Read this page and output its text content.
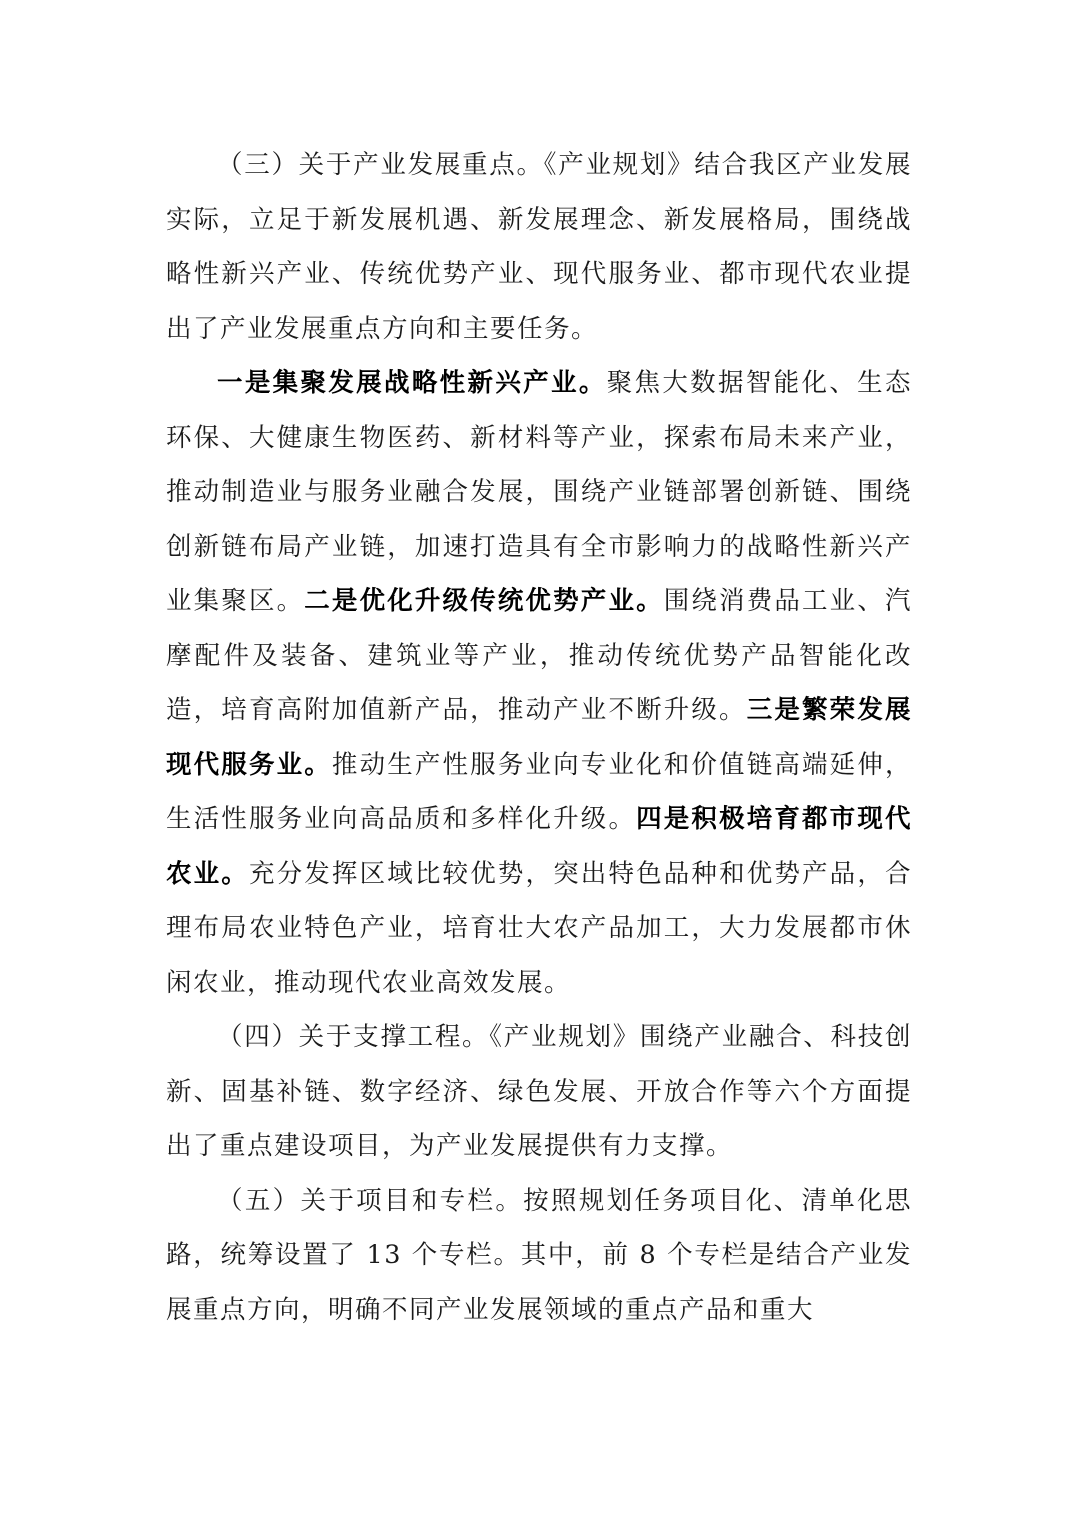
（三）关于产业发展重点。《产业规划》结合我区产业发展实际，立足于新发展机遇、新发展理念、新发展格局，围绕战略性新兴产业、传统优势产业、现代服务业、都市现代农业提出了产业发展重点方向和主要任务。

一是集聚发展战略性新兴产业。聚焦大数据智能化、生态环保、大健康生物医药、新材料等产业，探索布局未来产业，推动制造业与服务业融合发展，围绕产业链部署创新链、围绕创新链布局产业链，加速打造具有全市影响力的战略性新兴产业集聚区。二是优化升级传统优势产业。围绕消费品工业、汽摩配件及装备、建筑业等产业，推动传统优势产品智能化改造，培育高附加值新产品，推动产业不断升级。三是繁荣发展现代服务业。推动生产性服务业向专业化和价值链高端延伸，生活性服务业向高品质和多样化升级。四是积极培育都市现代农业。充分发挥区域比较优势，突出特色品种和优势产品，合理布局农业特色产业，培育壮大农产品加工，大力发展都市休闲农业，推动现代农业高效发展。

（四）关于支撑工程。《产业规划》围绕产业融合、科技创新、固基补链、数字经济、绿色发展、开放合作等六个方面提出了重点建设项目，为产业发展提供有力支撑。

（五）关于项目和专栏。按照规划任务项目化、清单化思路，统筹设置了 13 个专栏。其中，前 8 个专栏是结合产业发展重点方向，明确不同产业发展领域的重点产品和重大
